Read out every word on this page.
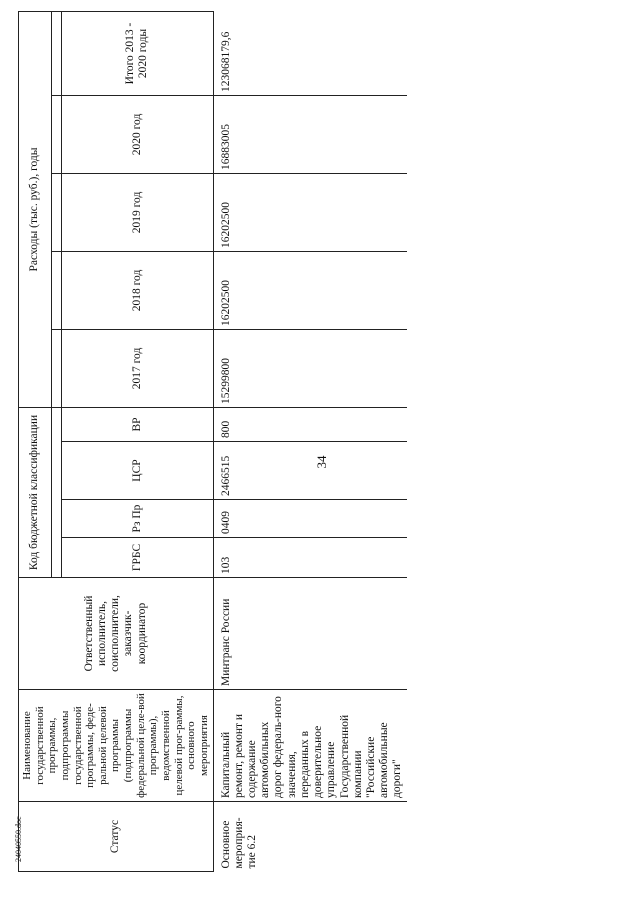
34
Статус	Наименование государственной программы, подпрограммы государственной программы, феде-ральной целевой программы (подпрограммы федеральной целе-вой программы), ведомственной целевой прог-раммы, основного мероприятия	Ответственный исполнитель, соисполнители, заказчик-координатор	Код бюджетной классификации				Расходы (тыс. руб.), годы				

			ГРБС	Рз Пр	ЦСР	ВР	2017 год	2018 год	2019 год	2020 год	Итого 2013 - 2020 годы
Основное мероприя-тие 6.2	Капитальный ремонт, ремонт и содержание автомобильных дорог федераль-ного значения, переданных в доверительное управление Государственной компании "Российские автомобильные дороги"	Минтранс России	103	0409	2466515	800	15299800	16202500	16202500	16883005	123068179,6
24040550.doc
